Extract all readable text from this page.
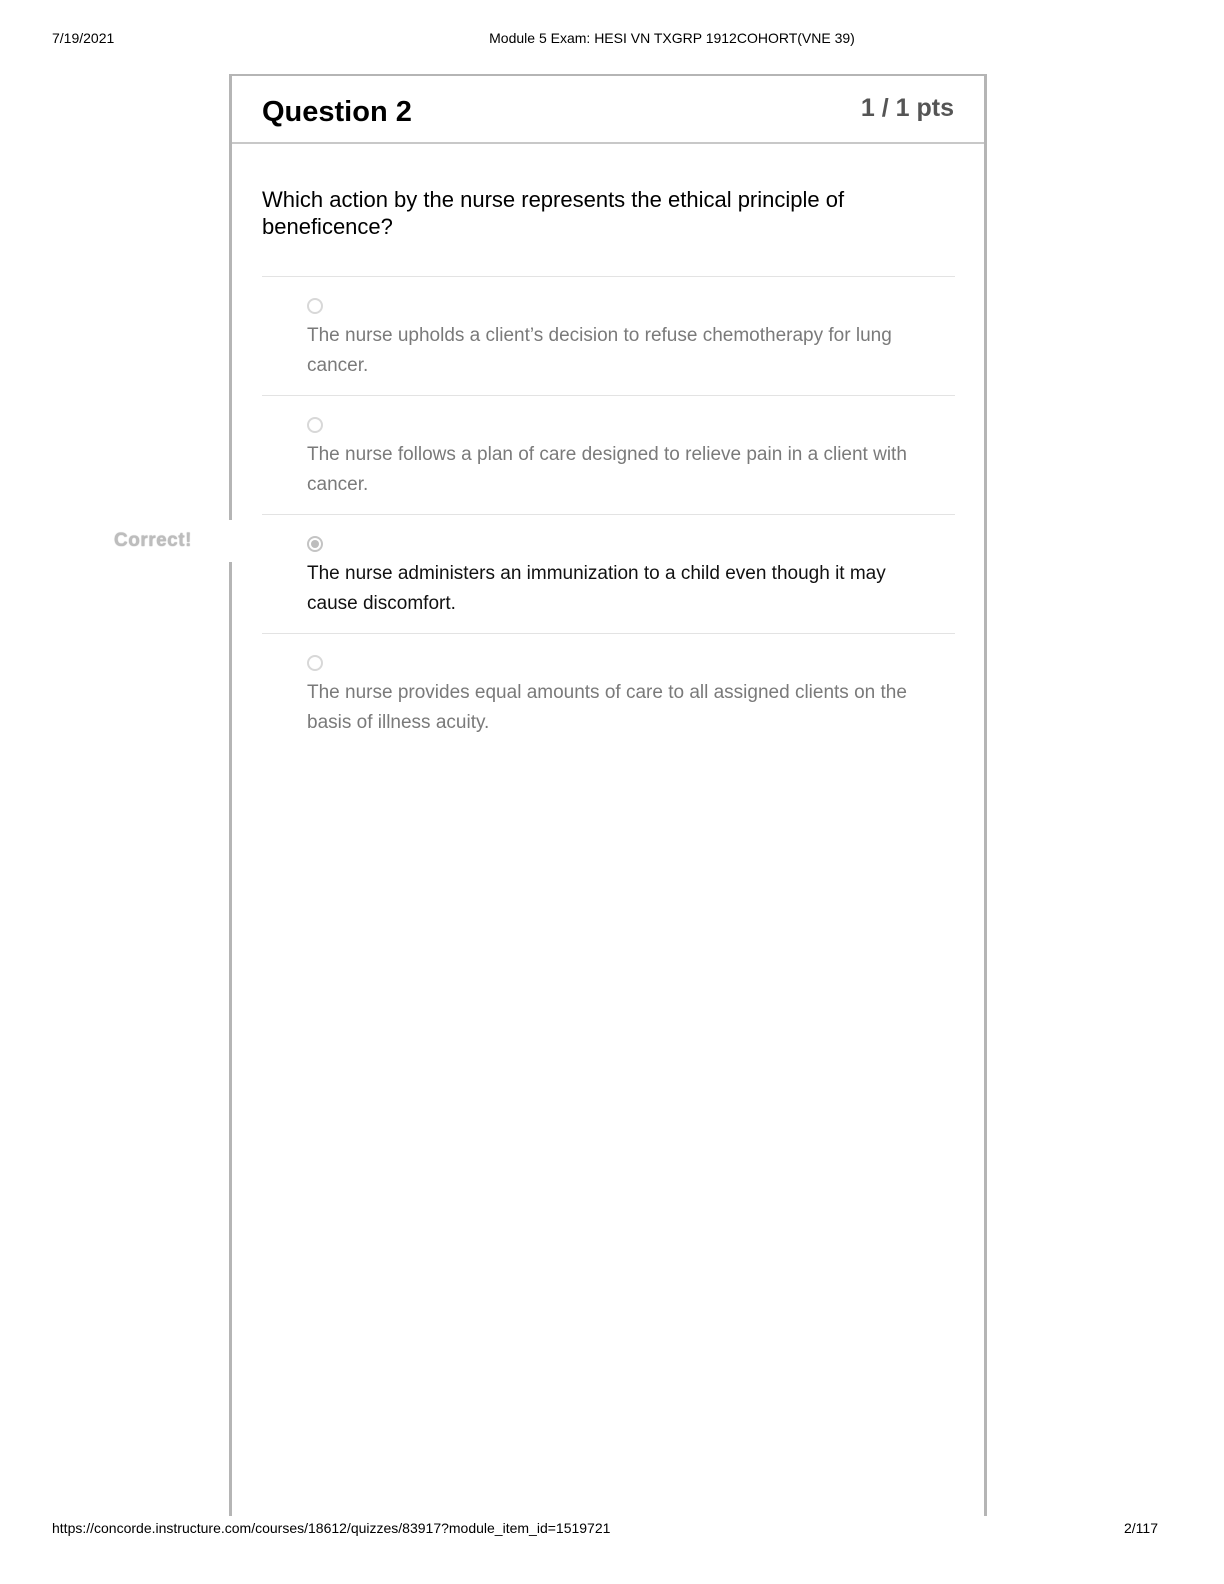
7/19/2021	Module 5 Exam: HESI VN TXGRP 1912COHORT(VNE 39)
Question 2	1 / 1 pts
Which action by the nurse represents the ethical principle of beneficence?
The nurse upholds a client’s decision to refuse chemotherapy for lung cancer.
The nurse follows a plan of care designed to relieve pain in a client with cancer.
The nurse administers an immunization to a child even though it may cause discomfort.
The nurse provides equal amounts of care to all assigned clients on the basis of illness acuity.
Correct!
https://concorde.instructure.com/courses/18612/quizzes/83917?module_item_id=1519721	2/117
